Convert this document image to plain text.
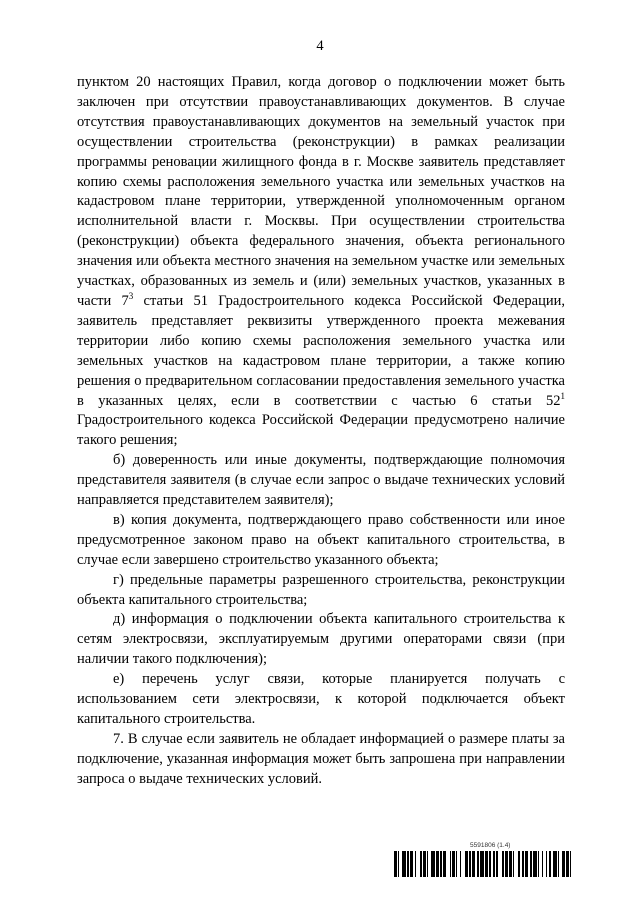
4

пунктом 20 настоящих Правил, когда договор о подключении может быть заключен при отсутствии правоустанавливающих документов. В случае отсутствия правоустанавливающих документов на земельный участок при осуществлении строительства (реконструкции) в рамках реализации программы реновации жилищного фонда в г. Москве заявитель представляет копию схемы расположения земельного участка или земельных участков на кадастровом плане территории, утвержденной уполномоченным органом исполнительной власти г. Москвы. При осуществлении строительства (реконструкции) объекта федерального значения, объекта регионального значения или объекта местного значения на земельном участке или земельных участках, образованных из земель и (или) земельных участков, указанных в части $7^3$ статьи 51 Градостроительного кодекса Российской Федерации, заявитель представляет реквизиты утвержденного проекта межевания территории либо копию схемы расположения земельного участка или земельных участков на кадастровом плане территории, а также копию решения о предварительном согласовании предоставления земельного участка в указанных целях, если в соответствии с частью 6 статьи $52^1$ Градостроительного кодекса Российской Федерации предусмотрено наличие такого решения;

б) доверенность или иные документы, подтверждающие полномочия представителя заявителя (в случае если запрос о выдаче технических условий направляется представителем заявителя);

в) копия документа, подтверждающего право собственности или иное предусмотренное законом право на объект капитального строительства, в случае если завершено строительство указанного объекта;

г) предельные параметры разрешенного строительства, реконструкции объекта капитального строительства;

д) информация о подключении объекта капитального строительства к сетям электросвязи, эксплуатируемым другими операторами связи (при наличии такого подключения);

е) перечень услуг связи, которые планируется получать с использованием сети электросвязи, к которой подключается объект капитального строительства.

7. В случае если заявитель не обладает информацией о размере платы за подключение, указанная информация может быть запрошена при направлении запроса о выдаче технических условий.

5591806 (1.4)
